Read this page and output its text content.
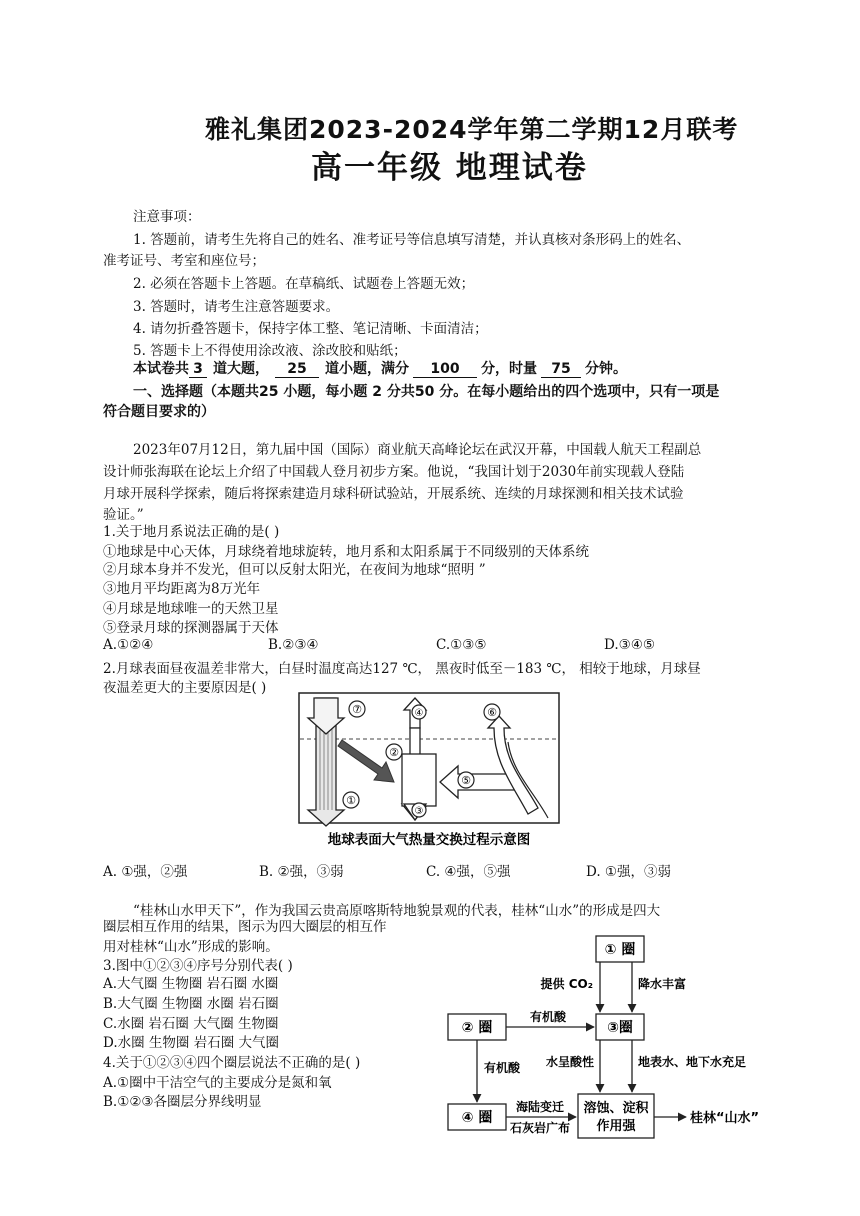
雅礼集团2023-2024学年第二学期12月联考
高一年级 地理试卷
注意事项：
1. 答题前，请考生先将自己的姓名、准考证号等信息填写清楚，并认真核对条形码上的姓名、
准考证号、考室和座位号；
2. 必须在答题卡上答题。在草稿纸、试题卷上答题无效；
3. 答题时，请考生注意答题要求。
4. 请勿折叠答题卡，保持字体工整、笔记清晰、卡面清洁；
5. 答题卡上不得使用涂改液、涂改胶和贴纸；
本试卷共 3 道大题， 25 道小题，满分 100 分，时量 75 分钟。
一、选择题（本题共25 小题，每小题 2 分共50 分。在每小题给出的四个选项中，只有一项是
符合题目要求的）
2023年07月12日，第九届中国（国际）商业航天高峰论坛在武汉开幕，中国载人航天工程副总
设计师张海联在论坛上介绍了中国载人登月初步方案。他说，“我国计划于2030年前实现载人登陆
月球开展科学探索，随后将探索建造月球科研试验站，开展系统、连续的月球探测和相关技术试验
验证。”
1.关于地月系说法正确的是( )
①地球是中心天体，月球绕着地球旋转，地月系和太阳系属于不同级别的天体系统
②月球本身并不发光，但可以反射太阳光，在夜间为地球“照明 ”
③地月平均距离为8万光年
④月球是地球唯一的天然卫星
⑤登录月球的探测器属于天体
A.①②④	B.②③④	C.①③⑤	D.③④⑤
2.月球表面昼夜温差非常大，白昼时温度高达127 ℃， 黑夜时低至－183 ℃， 相较于地球，月球昼
夜温差更大的主要原因是( )
⑦
①
②
④
③
⑤
⑥
地球表面大气热量交换过程示意图
A. ①强，②强	B. ②强，③弱	C. ④强，⑤强	D. ①强，③弱
“桂林山水甲天下”，作为我国云贵高原喀斯特地貌景观的代表，桂林“山水”的形成是四大
圈层相互作用的结果，图示为四大圈层的相互作
用对桂林“山水”形成的影响。
3.图中①②③④序号分别代表( )
A.大气圈 生物圈 岩石圈 水圈
B.大气圈 生物圈 水圈 岩石圈
C.水圈 岩石圈 大气圈 生物圈
D.水圈 生物圈 岩石圈 大气圈
4.关于①②③④四个圈层说法不正确的是( )
A.①圈中干洁空气的主要成分是氮和氧
B.①②③各圈层分界线明显
① 圈
② 圈	③圈
④ 圈
溶蚀、淀积
作用强
提供 CO₂	降水丰富
有机酸
有机酸 水呈酸性	地表水、地下水充足
海陆变迁
石灰岩广布
桂林“山水”
